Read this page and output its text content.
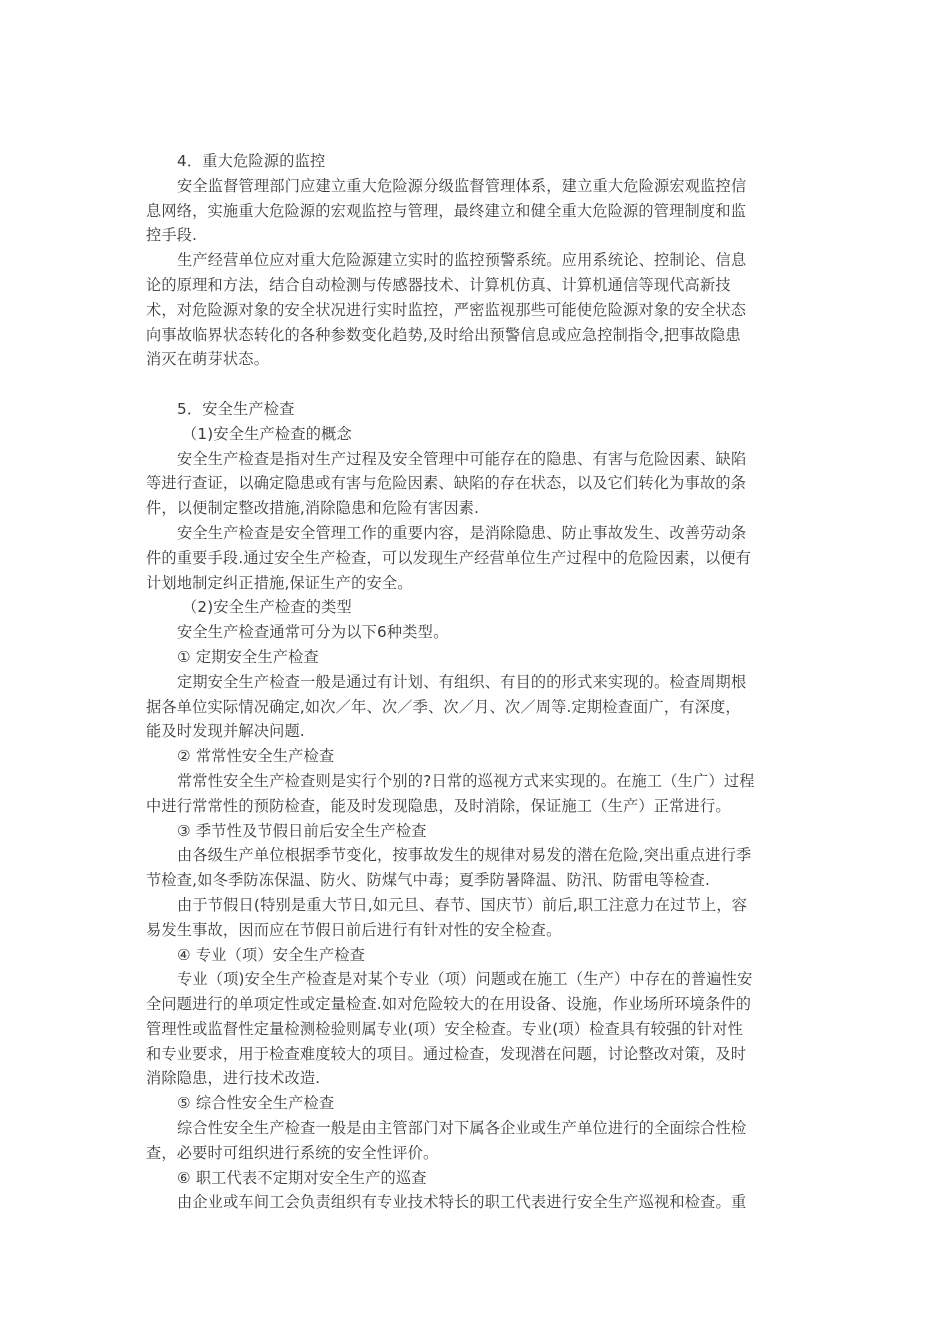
4．重大危险源的监控
安全监督管理部门应建立重大危险源分级监督管理体系，建立重大危险源宏观监控信
息网络，实施重大危险源的宏观监控与管理，最终建立和健全重大危险源的管理制度和监
控手段.
生产经营单位应对重大危险源建立实时的监控预警系统。应用系统论、控制论、信息
论的原理和方法，结合自动检测与传感器技术、计算机仿真、计算机通信等现代高新技
术，对危险源对象的安全状况进行实时监控，严密监视那些可能使危险源对象的安全状态
向事故临界状态转化的各种参数变化趋势,及时给出预警信息或应急控制指令,把事故隐患
消灭在萌芽状态。
5．安全生产检查
（1)安全生产检查的概念
安全生产检查是指对生产过程及安全管理中可能存在的隐患、有害与危险因素、缺陷
等进行查证，以确定隐患或有害与危险因素、缺陷的存在状态，以及它们转化为事故的条
件，以便制定整改措施,消除隐患和危险有害因素.
安全生产检查是安全管理工作的重要内容，是消除隐患、防止事故发生、改善劳动条
件的重要手段.通过安全生产检查，可以发现生产经营单位生产过程中的危险因素，以便有
计划地制定纠正措施,保证生产的安全。
（2)安全生产检查的类型
安全生产检查通常可分为以下6种类型。
① 定期安全生产检查
定期安全生产检查一般是通过有计划、有组织、有目的的形式来实现的。检查周期根
据各单位实际情况确定,如次／年、次／季、次／月、次／周等.定期检查面广，有深度，
能及时发现并解决问题.
② 常常性安全生产检查
常常性安全生产检查则是实行个别的?日常的巡视方式来实现的。在施工（生广）过程
中进行常常性的预防检查，能及时发现隐患，及时消除，保证施工（生产）正常进行。
③ 季节性及节假日前后安全生产检查
由各级生产单位根据季节变化，按事故发生的规律对易发的潜在危险,突出重点进行季
节检查,如冬季防冻保温、防火、防煤气中毒；夏季防暑降温、防汛、防雷电等检查.
由于节假日(特别是重大节日,如元旦、春节、国庆节）前后,职工注意力在过节上，容
易发生事故，因而应在节假日前后进行有针对性的安全检查。
④ 专业（项）安全生产检查
专业（项)安全生产检查是对某个专业（项）问题或在施工（生产）中存在的普遍性安
全问题进行的单项定性或定量检查.如对危险较大的在用设备、设施，作业场所环境条件的
管理性或监督性定量检测检验则属专业(项）安全检查。专业(项）检查具有较强的针对性
和专业要求，用于检查难度较大的项目。通过检查，发现潜在问题，讨论整改对策，及时
消除隐患，进行技术改造.
⑤ 综合性安全生产检查
综合性安全生产检查一般是由主管部门对下属各企业或生产单位进行的全面综合性检
查，必要时可组织进行系统的安全性评价。
⑥ 职工代表不定期对安全生产的巡查
由企业或车间工会负责组织有专业技术特长的职工代表进行安全生产巡视和检查。重
